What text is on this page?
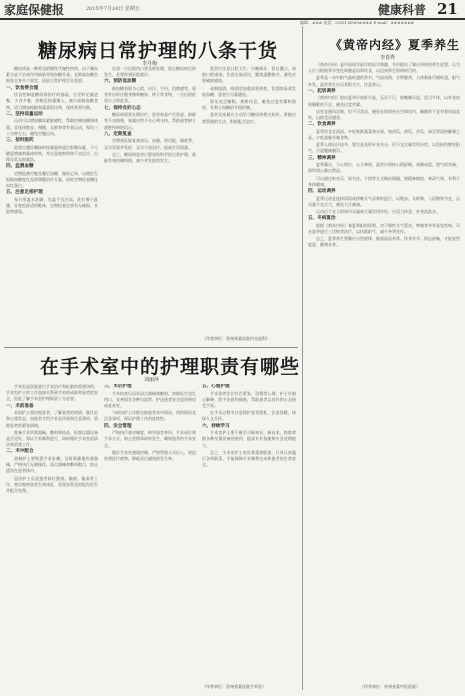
家庭保健报	2015年7月24日 星期五	健康科普 21
编辑：### 电话：(0851)8589#### E-mail：#######
糖尿病日常护理的八条干货
李丹梅

糖尿病是一种常见的慢性代谢性疾病，由于胰岛素分泌不足或作用缺陷导致血糖升高。长期高血糖会损害全身多个器官，因此日常护理至关重要。

一、饮食要合理

饮食控制是糖尿病治疗的基础，应定时定量进餐，少食多餐，控制总热量摄入，减少高脂高糖食物，适当增加粗粮和蔬菜的比例，保持营养均衡。

二、坚持适量运动

运动可以增加胰岛素敏感性，帮助控制血糖和体重。宜选择散步、慢跑、太极拳等有氧运动，每次三十分钟左右，避免空腹运动。

三、按时服药

患者应遵医嘱按时按量服药或注射胰岛素，不可随意增减剂量或停药，并注意观察药物不良反应，出现异常及时就医。

四、监测血糖

定期监测空腹及餐后血糖，做好记录，以便医生根据血糖变化及时调整治疗方案，同时定期检查糖化血红蛋白。

五、注意足部护理

每日用温水洗脚，水温不宜过高，洗后擦干趾缝，穿宽松舒适的鞋袜，定期检查足部有无破损、水泡和感染。

足部一旦出现伤口要及时处理，防止糖尿病足的发生，必要时到医院就诊。

六、预防低血糖

低血糖表现为心慌、出汗、手抖、饥饿感等，患者外出时应随身携带糖果、饼干等食物，一旦出现症状应立即进食。

七、保持良好心态

糖尿病需要长期治疗，患者容易产生焦虑、抑郁等不良情绪，家属应给予关心和支持，帮助患者树立战胜疾病的信心。

八、定期复查

定期到医院复查血压、血脂、肾功能、眼底等，及早发现并发症，及早干预治疗，提高生活质量。

总之，糖尿病患者只要坚持科学的日常护理，就能有效控制病情，减少并发症的发生。

患者应注意口腔卫生，早晚刷牙，饭后漱口，预防口腔感染。注意皮肤清洁，勤洗澡勤换衣，避免皮肤破损感染。

戒烟限酒，吸烟会加重血管病变，饮酒容易诱发低血糖，患者应尽量避免。

保证充足睡眠，规律作息，避免过度劳累和熬夜，有利于血糖的平稳控制。

患者及家属应主动学习糖尿病相关知识，掌握自我管理的方法，积极配合治疗。

（作者单位：贵州省某医院内分泌科）
在手术室中的护理职责有哪些
刘丽萍

手术室是医院进行手术治疗和抢救的重要场所，手术室护士的工作直接关系到手术的成败和患者的安全，因此了解手术室护理职责十分必要。

一、术前准备

术前护士要访视患者，了解患者的病情、既往史和心理状态，向患者介绍手术室环境和注意事项，消除患者的紧张情绪。

准备手术所需器械、敷料和药品，检查仪器设备是否完好，保证手术顺利进行，同时做好手术室的清洁和消毒工作。

二、术中配合

器械护士要熟悉手术步骤，及时准确地传递器械，严格执行无菌操作，清点器械和敷料数目，防止遗留在患者体内。

巡回护士负责患者体位摆放、输液、输血等工作，密切观察患者生命体征，发现异常及时报告医生并配合处理。

三、术后护理

手术结束后再次清点器械和敷料，协助医生包扎伤口，妥善固定各种引流管，护送患者安全返回病房或复苏室。

与病房护士详细交接患者术中情况、用药情况及注意事项，保证护理工作的连续性。

四、安全管理

严格执行查对制度，核对患者身份、手术部位和手术方式，防止差错事故的发生，确保患者的手术安全。

做好手术室感染控制，严格管理人员出入，规范处理医疗废物，降低术后感染的发生率。

五、心理护理

手术患者往往存在紧张、恐惧等心理，护士应耐心解释，给予安慰和鼓励，帮助患者以良好的心态接受手术。

在手术过程中注意保护患者隐私，注意保暖，体现人文关怀。

六、持续学习

手术室护士要不断学习新知识、新技术，熟练掌握各种仪器设备的使用，提高专业技能和应急处理能力。

总之，手术室护士肩负着重要职责，只有认真履行各项职责，才能保障手术顺利完成和患者的生命安全。

（作者单位：贵州省某医院手术室）
《黄帝内经》夏季养生
李春秀

《黄帝内经》是中国现存最早的医学典籍，书中提出了顺应四时的养生思想，认为人应当根据季节变化调整起居和饮食，以达到养生防病的目的。

夏季是一年中阳气最旺盛的季节，气候炎热，万物繁茂，人体新陈代谢旺盛，阳气外发，此时养生应以养阳为主，注意养心。

一、起居调养

《黄帝内经》提出夏季应夜卧早起，无厌于日，即晚睡早起，适当午休，以补充夜间睡眠的不足，避免过度劳累。

居室宜通风凉爽，但不可贪凉，避免长时间待在空调房内，睡眠时不宜对着风扇直吹，以防受凉感冒。

二、饮食调养

夏季饮食宜清淡，多吃新鲜蔬菜和水果，如西瓜、黄瓜、苦瓜、绿豆等清热解暑之品，少吃油腻辛辣食物。

夏季人体出汗较多，要注意及时补充水分，但不宜过量饮用冷饮，以免损伤脾胃阳气，引起腹痛腹泻。

三、精神调养

夏季属火，与心相应，心主神明，此时应保持心情舒畅，戒躁戒怒，使气机宣畅，即所谓心静自然凉。

可以通过听音乐、练书法、下棋等方式陶冶情操，使精神愉悦，神清气和，有利于身体健康。

四、运动调养

夏季运动宜选择清晨或傍晚天气凉爽时进行，以散步、太极拳、八段锦等为宜，运动量不宜过大，避免大汗淋漓。

运动后不宜立即冲冷水澡或大量饮用冷饮，应适当休息，补充淡盐水。

五、冬病夏治

根据《黄帝内经》春夏养阳的原则，对于慢性支气管炎、哮喘等冬季易发疾病，可在夏季进行三伏贴等治疗，以扶助阳气，减少冬季发作。

总之，夏季养生要顺应自然规律，做到起居有常、饮食有节、情志舒畅，才能安然度夏，健康长寿。

（作者单位：贵州省某中医医院）
